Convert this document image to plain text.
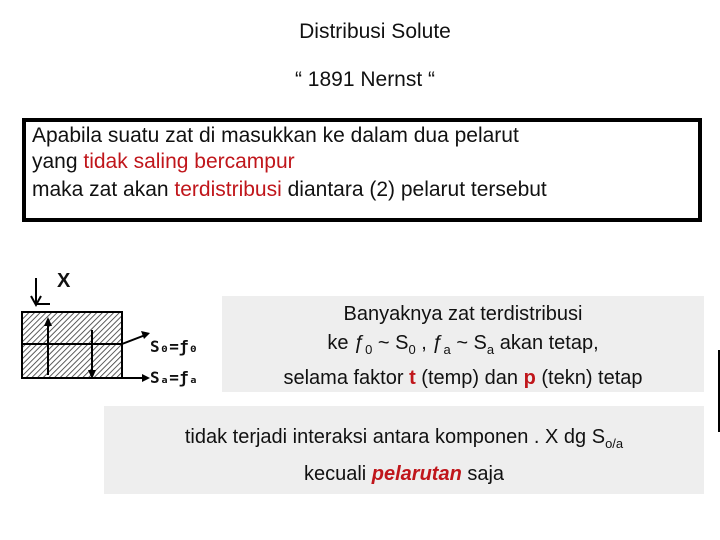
Distribusi Solute
“ 1891 Nernst “
Apabila suatu zat di masukkan ke dalam dua pelarut
yang tidak saling bercampur
maka zat akan terdistribusi diantara (2) pelarut tersebut
X
S₀=ƒ₀
Sₐ=ƒₐ
Banyaknya zat terdistribusi
ke $ƒ_0$ ~ $S_0$ , $ƒ_a$ ~ $S_a$ akan tetap,
selama faktor t (temp) dan p (tekn) tetap
tidak terjadi interaksi antara komponen . X dg $S_{o/a}$
kecuali pelarutan saja
